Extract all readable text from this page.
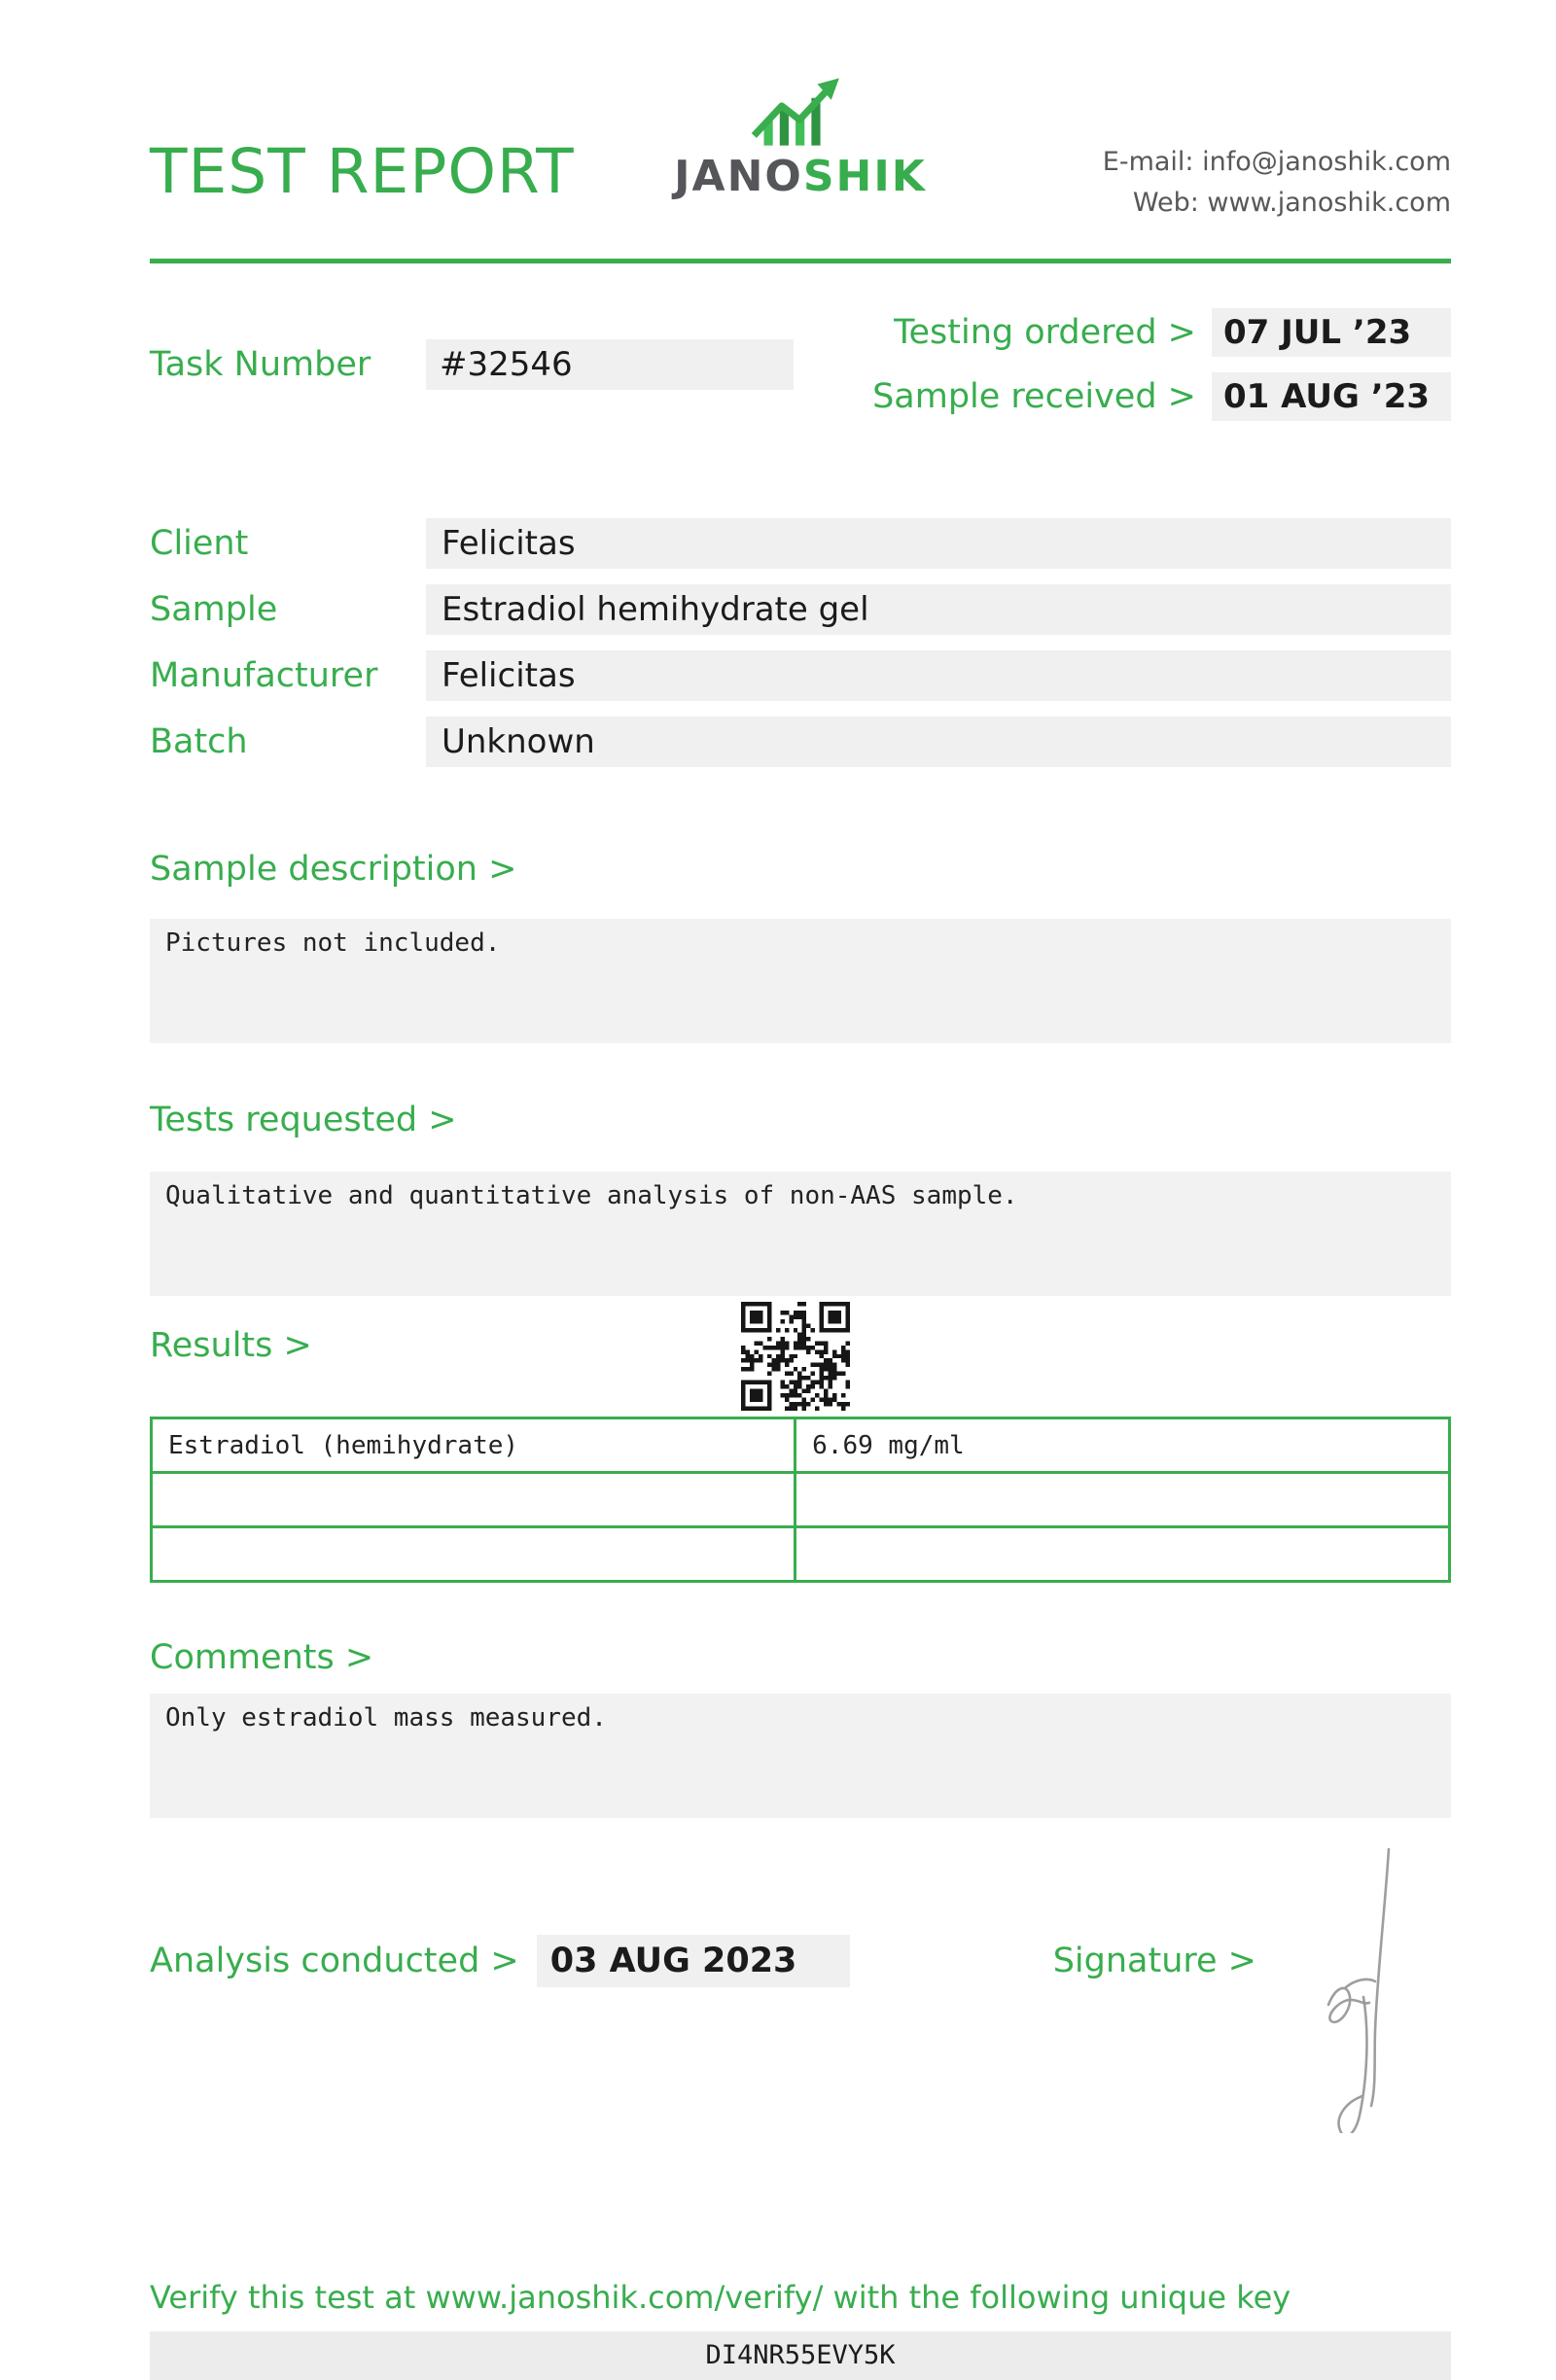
TEST REPORT JANOSHIK	E-mail: info@janoshik.com
Web: www.janoshik.com
Task Number	#32546
Testing ordered > 07 JUL ’23
Sample received > 01 AUG ’23
Client	Felicitas
Sample	Estradiol hemihydrate gel
Manufacturer	Felicitas
Batch	Unknown
Sample description >
Pictures not included.
Tests requested >
Qualitative and quantitative analysis of non-AAS sample.
Results >
Estradiol (hemihydrate)	6.69 mg/ml

Comments >
Only estradiol mass measured.
Analysis conducted > 03 AUG 2023	Signature >
Verify this test at www.janoshik.com/verify/ with the following unique key
DI4NR55EVY5K
